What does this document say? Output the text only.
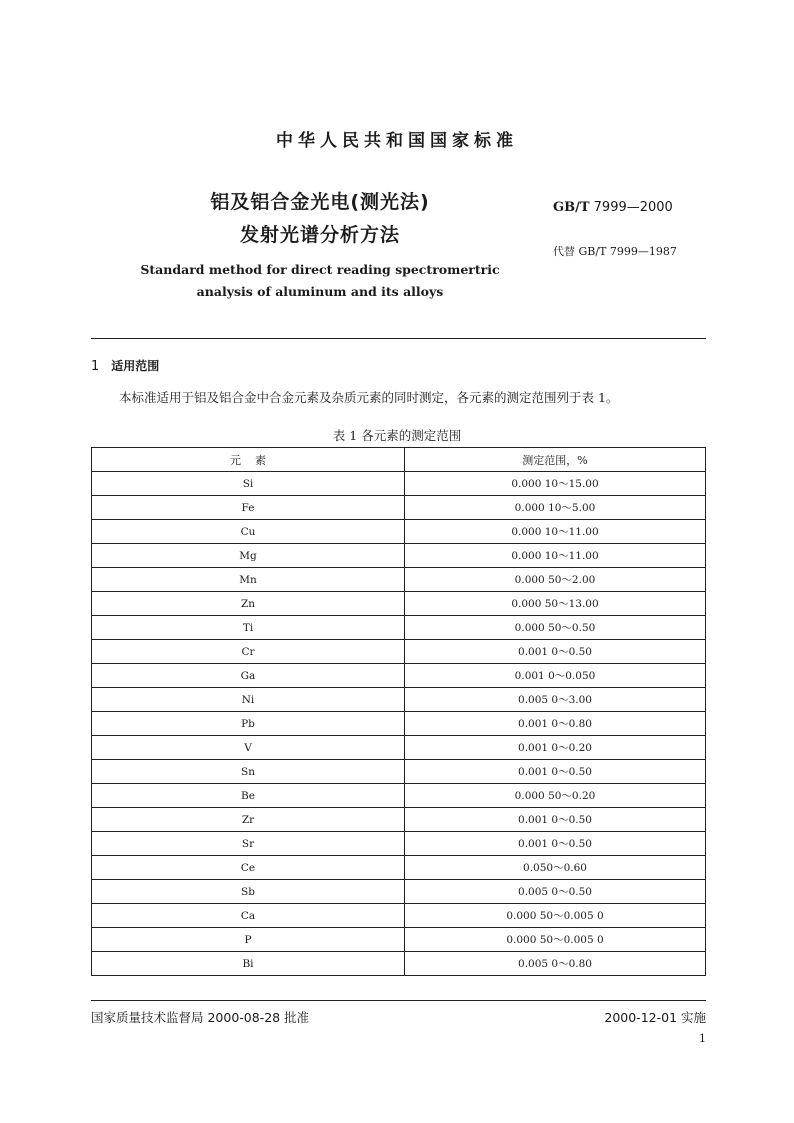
中华人民共和国国家标准
铝及铝合金光电(测光法)
发射光谱分析方法
GB/T 7999—2000
代替 GB/T 7999—1987
Standard method for direct reading spectromertric
analysis of aluminum and its alloys
1 适用范围
本标准适用于铝及铝合金中合金元素及杂质元素的同时测定，各元素的测定范围列于表 1。
表 1 各元素的测定范围
元    素	测定范围，%
Si	0.000 10～15.00
Fe	0.000 10～5.00
Cu	0.000 10～11.00
Mg	0.000 10～11.00
Mn	0.000 50～2.00
Zn	0.000 50～13.00
Ti	0.000 50～0.50
Cr	0.001 0～0.50
Ga	0.001 0～0.050
Ni	0.005 0～3.00
Pb	0.001 0～0.80
V	0.001 0～0.20
Sn	0.001 0～0.50
Be	0.000 50～0.20
Zr	0.001 0～0.50
Sr	0.001 0～0.50
Ce	0.050～0.60
Sb	0.005 0～0.50
Ca	0.000 50～0.005 0
P	0.000 50～0.005 0
Bi	0.005 0～0.80
国家质量技术监督局 2000-08-28 批准	2000-12-01 实施
1
